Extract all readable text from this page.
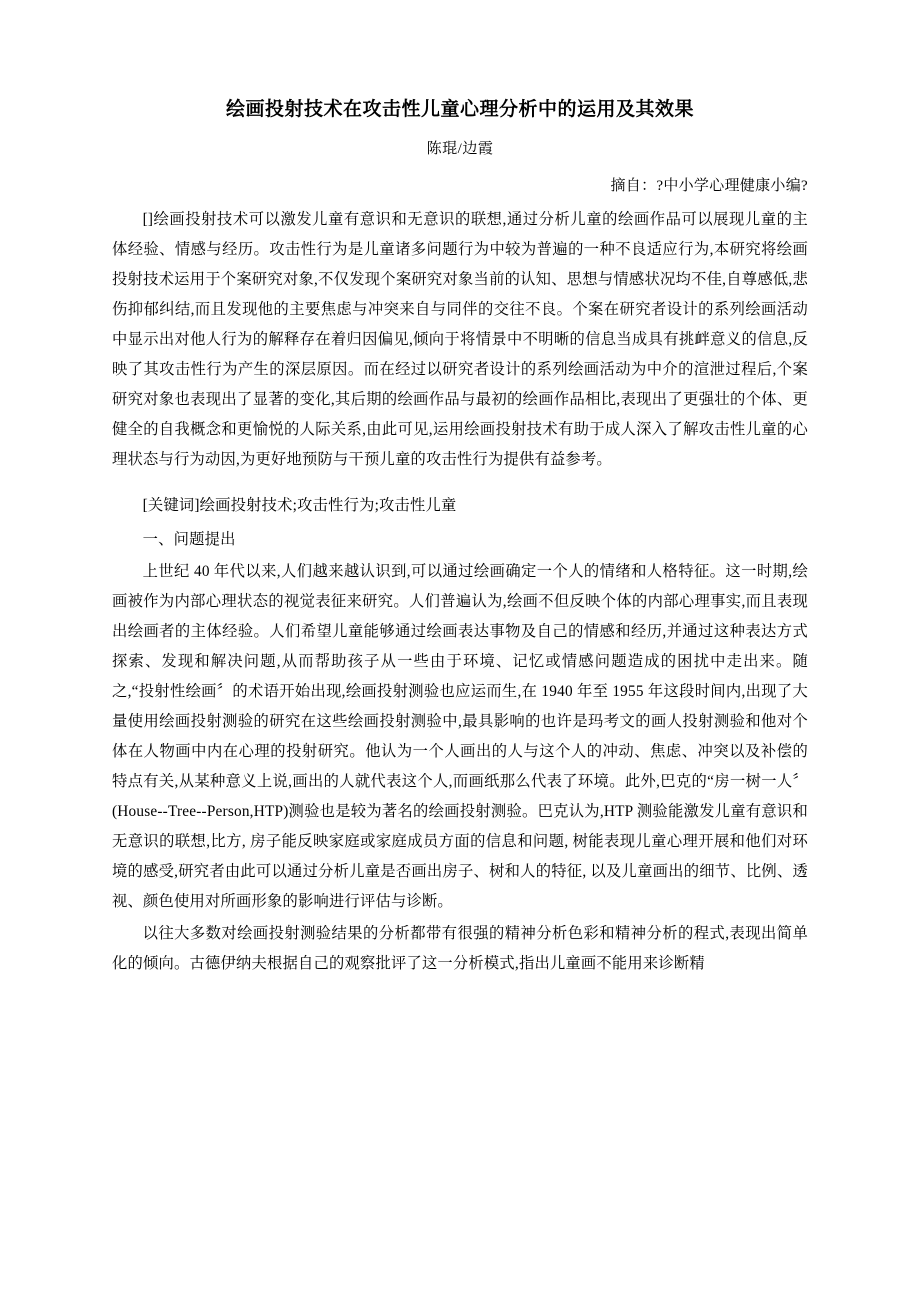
绘画投射技术在攻击性儿童心理分析中的运用及其效果
陈琨/边霞
摘自：?中小学心理健康小编?

[]绘画投射技术可以激发儿童有意识和无意识的联想,通过分析儿童的绘画作品可以展现儿童的主体经验、情感与经历。攻击性行为是儿童诸多问题行为中较为普遍的一种不良适应行为,本研究将绘画投射技术运用于个案研究对象,不仅发现个案研究对象当前的认知、思想与情感状况均不佳,自尊感低,悲伤抑郁纠结,而且发现他的主要焦虑与冲突来自与同伴的交往不良。个案在研究者设计的系列绘画活动中显示出对他人行为的解释存在着归因偏见,倾向于将情景中不明晰的信息当成具有挑衅意义的信息,反映了其攻击性行为产生的深层原因。而在经过以研究者设计的系列绘画活动为中介的渲泄过程后,个案研究对象也表现出了显著的变化,其后期的绘画作品与最初的绘画作品相比,表现出了更强壮的个体、更健全的自我概念和更愉悦的人际关系,由此可见,运用绘画投射技术有助于成人深入了解攻击性儿童的心理状态与行为动因,为更好地预防与干预儿童的攻击性行为提供有益参考。

[关键词]绘画投射技术;攻击性行为;攻击性儿童

一、问题提出

上世纪 40 年代以来,人们越来越认识到,可以通过绘画确定一个人的情绪和人格特征。这一时期,绘画被作为内部心理状态的视觉表征来研究。人们普遍认为,绘画不但反映个体的内部心理事实,而且表现出绘画者的主体经验。人们希望儿童能够通过绘画表达事物及自己的情感和经历,并通过这种表达方式探索、发现和解决问题,从而帮助孩子从一些由于环境、记忆或情感问题造成的困扰中走出来。随之,“投射性绘画〞的术语开始出现,绘画投射测验也应运而生,在 1940 年至 1955 年这段时间内,出现了大量使用绘画投射测验的研究在这些绘画投射测验中,最具影响的也许是玛考文的画人投射测验和他对个体在人物画中内在心理的投射研究。他认为一个人画出的人与这个人的冲动、焦虑、冲突以及补偿的特点有关,从某种意义上说,画出的人就代表这个人,而画纸那么代表了环境。此外,巴克的“房一树一人〞(House--Tree--Person,HTP)测验也是较为著名的绘画投射测验。巴克认为,HTP 测验能激发儿童有意识和无意识的联想,比方, 房子能反映家庭或家庭成员方面的信息和问题, 树能表现儿童心理开展和他们对环境的感受,研究者由此可以通过分析儿童是否画出房子、树和人的特征, 以及儿童画出的细节、比例、透视、颜色使用对所画形象的影响进行评估与诊断。

以往大多数对绘画投射测验结果的分析都带有很强的精神分析色彩和精神分析的程式,表现出简单化的倾向。古德伊纳夫根据自己的观察批评了这一分析模式,指出儿童画不能用来诊断精
